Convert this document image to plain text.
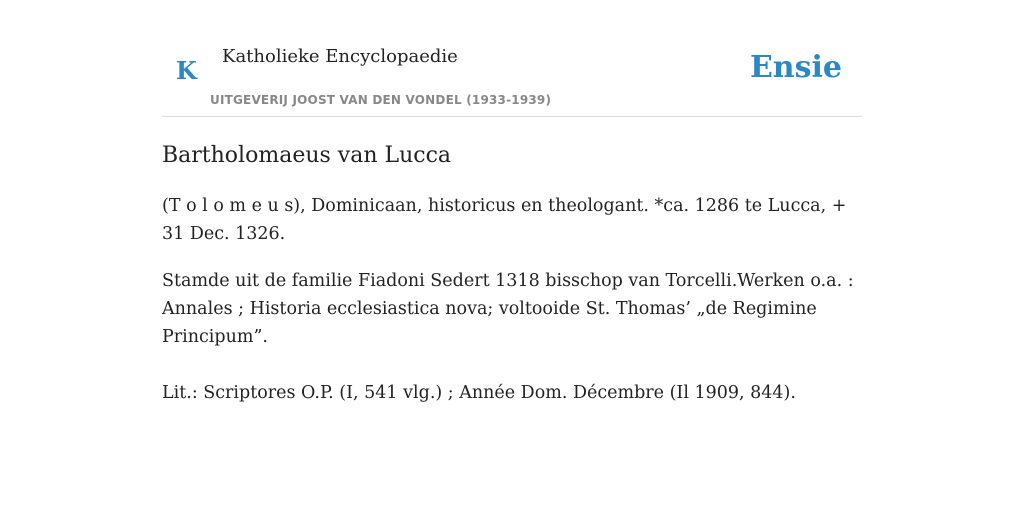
K Katholieke Encyclopaedie
UITGEVERIJ JOOST VAN DEN VONDEL (1933-1939)
Ensie
Bartholomaeus van Lucca

(T o l o m e u s), Dominicaan, historicus en theologant. *ca. 1286 te Lucca, + 31 Dec. 1326.

Stamde uit de familie Fiadoni Sedert 1318 bisschop van Torcelli.Werken o.a. : Annales ; Historia ecclesiastica nova; voltooide St. Thomas’ „de Regimine Principum”.

Lit.: Scriptores O.P. (I, 541 vlg.) ; Année Dom. Décembre (Il 1909, 844).
